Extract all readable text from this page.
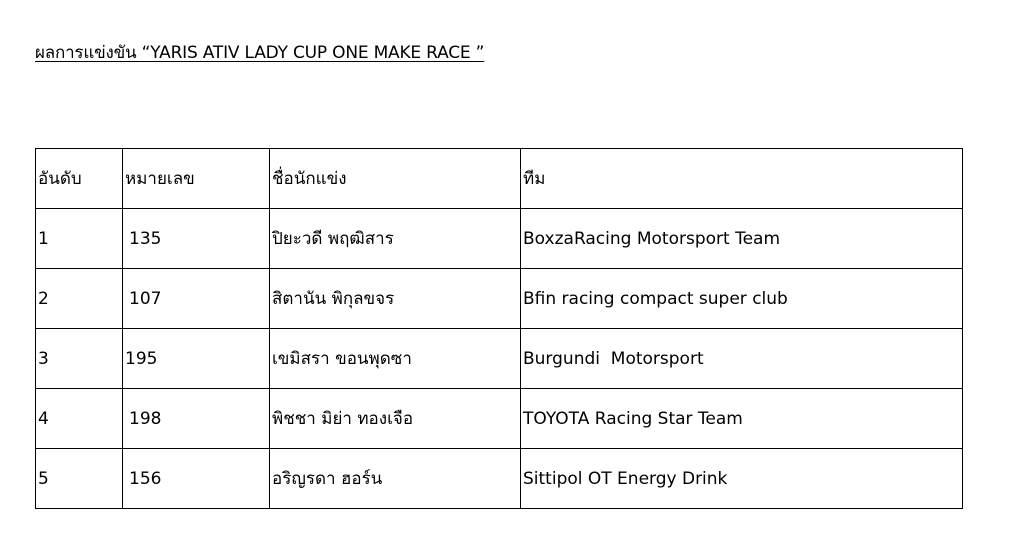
ผลการแข่งขัน “YARIS ATIV LADY CUP ONE MAKE RACE ”
อันดับ	หมายเลข	ชื่อนักแข่ง	ทีม
1	135	ปิยะวดี พฤฒิสาร	BoxzaRacing Motorsport Team
2	107	สิตานัน พิกุลขจร	Bfin racing compact super club
3	195	เขมิสรา ขอนพุดซา	Burgundi  Motorsport
4	198	พิชชา มิย่า ทองเจือ	TOYOTA Racing Star Team
5	156	อริญรดา ฮอร์น	Sittipol OT Energy Drink
